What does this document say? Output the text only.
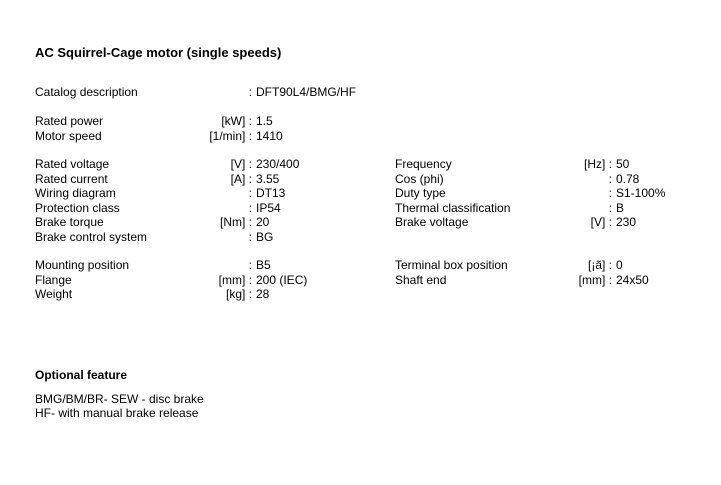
AC Squirrel-Cage motor (single speeds)
Catalog description	: DFT90L4/BMG/HF
Rated power	[kW] : 1.5
Motor speed	[1/min] : 1410
Rated voltage	[V] : 230/400
Rated current	[A] : 3.55
Wiring diagram	: DT13
Protection class	: IP54
Brake torque	[Nm] : 20
Brake control system	: BG
Mounting position	: B5
Flange	[mm] : 200 (IEC)
Weight	[kg] : 28
Frequency	[Hz] : 50
Cos (phi)	: 0.78
Duty type	: S1-100%
Thermal classification	: B
Brake voltage	[V] : 230
Terminal box position	[¡ã] : 0
Shaft end	[mm] : 24x50
Optional feature
BMG/BM/BR- SEW - disc brake
HF- with manual brake release
